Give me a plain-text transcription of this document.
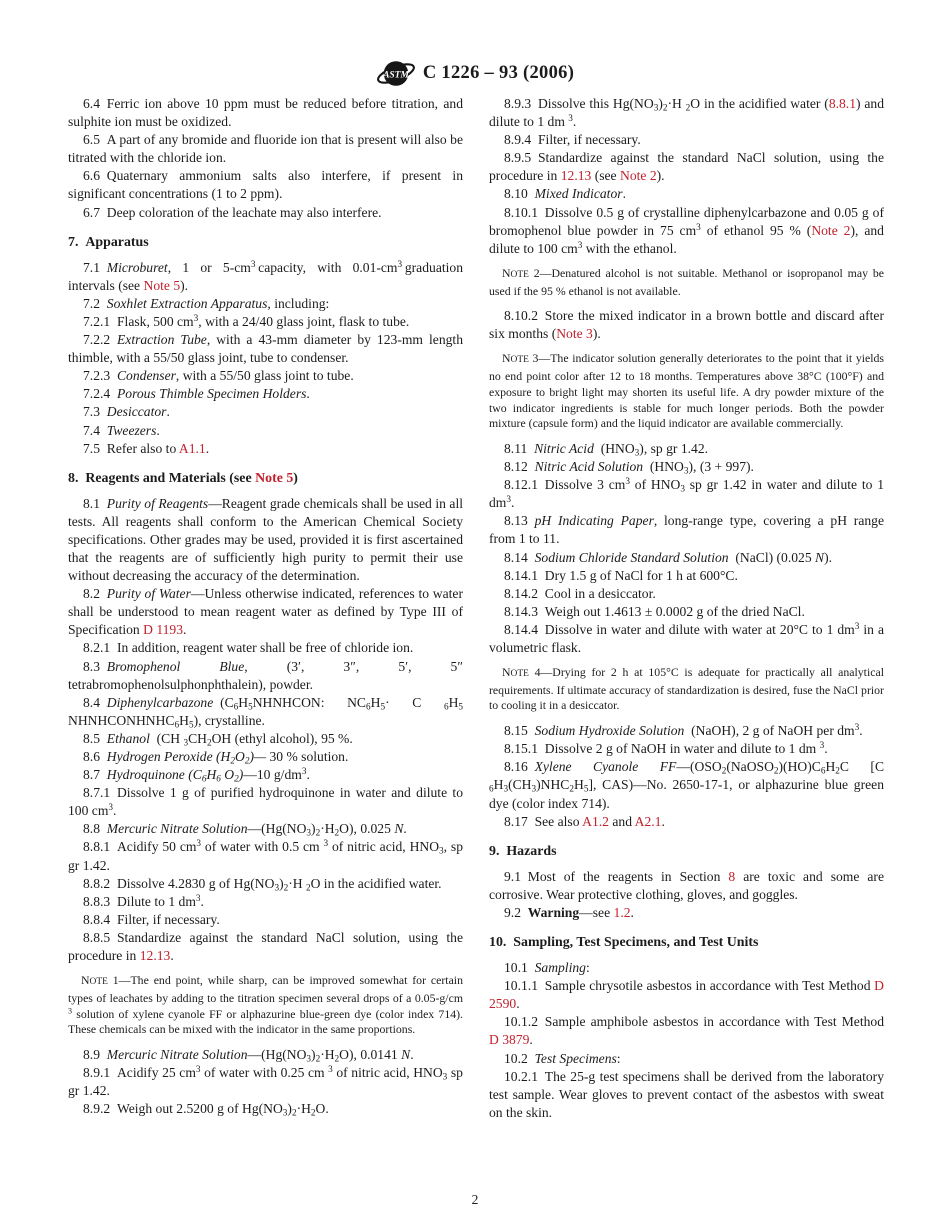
ASTM C 1226 – 93 (2006)

6.4 Ferric ion above 10 ppm must be reduced before titration, and sulphite ion must be oxidized.

6.5 A part of any bromide and fluoride ion that is present will also be titrated with the chloride ion.

6.6 Quaternary ammonium salts also interfere, if present in significant concentrations (1 to 2 ppm).

6.7 Deep coloration of the leachate may also interfere.

7. Apparatus

7.1 Microburet, 1 or $5-cm^3$ capacity, with $0.01-cm^3$ graduation intervals (see Note 5).

7.2 Soxhlet Extraction Apparatus, including:

7.2.1 Flask, 500 $cm^3$, with a 24/40 glass joint, flask to tube.

7.2.2 Extraction Tube, with a 43-mm diameter by 123-mm length thimble, with a 55/50 glass joint, tube to condenser.

7.2.3 Condenser, with a 55/50 glass joint to tube.

7.2.4 Porous Thimble Specimen Holders.

7.3 Desiccator.

7.4 Tweezers.

7.5 Refer also to A1.1.

8. Reagents and Materials (see Note 5)

8.1 Purity of Reagents—Reagent grade chemicals shall be used in all tests. All reagents shall conform to the American Chemical Society specifications. Other grades may be used, provided it is first ascertained that the reagents are of sufficiently high purity to permit their use without decreasing the accuracy of the determination.

8.2 Purity of Water—Unless otherwise indicated, references to water shall be understood to mean reagent water as defined by Type III of Specification D 1193.

8.2.1 In addition, reagent water shall be free of chloride ion.

8.3 Bromophenol Blue, (3′, 3″, 5′, 5″ tetrabromophenolsulphonphthalein), powder.

8.4 Diphenylcarbazone ($C_6H_5NHNHCON$: $NC_6H_5\cdot C$ $_6H_5$ $NHNHCONHNHC_6H_5$), crystalline.

8.5 Ethanol (CH $_3CH_2OH$ (ethyl alcohol), 95 %.

8.6 Hydrogen Peroxide $(H_2O_2)—$ 30 % solution.

8.7 Hydroquinone ($C_6H_6$ $O_2)—10$ $g/dm^3$.

8.7.1 Dissolve 1 g of purified hydroquinone in water and dilute to 100 $cm^3$.

8.8 Mercuric Nitrate $Solution—(Hg(NO_3)_2\cdot H_2O)$, 0.025 N.

8.8.1 Acidify 50 $cm^3$ of water with 0.5 cm $^3$ of nitric acid, $HNO_3$, sp gr 1.42.

8.8.2 Dissolve 4.2830 g of $Hg(NO_3)_2\cdot H$ $_2$O in the acidified water.

8.8.3 Dilute to 1 $dm^3$.

8.8.4 Filter, if necessary.

8.8.5 Standardize against the standard NaCl solution, using the procedure in 12.13.

NOTE 1—The end point, while sharp, can be improved somewhat for certain types of leachates by adding to the titration specimen several drops of a 0.05-g/cm $^3$ solution of xylene cyanole FF or alphazurine blue-green dye (color index 714). These chemicals can be mixed with the indicator in the same proportions.

8.9 Mercuric Nitrate $Solution—(Hg(NO_3)_2\cdot H_2O)$, 0.0141 N.

8.9.1 Acidify 25 $cm^3$ of water with 0.25 cm $^3$ of nitric acid, $HNO_3$ sp gr 1.42.

8.9.2 Weigh out 2.5200 g of $Hg(NO_3)_2\cdot H_2O$.

8.9.3 Dissolve this $Hg(NO_3)_2\cdot H$ $_2$O in the acidified water (8.8.1) and dilute to 1 dm $^3$.

8.9.4 Filter, if necessary.

8.9.5 Standardize against the standard NaCl solution, using the procedure in 12.13 (see Note 2).

8.10 Mixed Indicator.

8.10.1 Dissolve 0.5 g of crystalline diphenylcarbazone and 0.05 g of bromophenol blue powder in 75 $cm^3$ of ethanol 95 % (Note 2), and dilute to 100 $cm^3$ with the ethanol.

NOTE 2—Denatured alcohol is not suitable. Methanol or isopropanol may be used if the 95 % ethanol is not available.

8.10.2 Store the mixed indicator in a brown bottle and discard after six months (Note 3).

NOTE 3—The indicator solution generally deteriorates to the point that it yields no end point color after 12 to 18 months. Temperatures above 38°C (100°F) and exposure to bright light may shorten its useful life. A dry powder mixture of the two indicator ingredients is stable for much longer periods. Both the powder mixture (capsule form) and the liquid indicator are available commercially.

8.11 Nitric Acid $(HNO_3)$, sp gr 1.42.

8.12 Nitric Acid Solution $(HNO_3)$, (3 + 997).

8.12.1 Dissolve 3 $cm^3$ of $HNO_3$ sp gr 1.42 in water and dilute to 1 $dm^3$.

8.13 pH Indicating Paper, long-range type, covering a pH range from 1 to 11.

8.14 Sodium Chloride Standard Solution (NaCl) (0.025 N).

8.14.1 Dry 1.5 g of NaCl for 1 h at 600°C.

8.14.2 Cool in a desiccator.

8.14.3 Weigh out 1.4613 ± 0.0002 g of the dried NaCl.

8.14.4 Dissolve in water and dilute with water at 20°C to 1 $dm^3$ in a volumetric flask.

NOTE 4—Drying for 2 h at 105°C is adequate for practically all analytical requirements. If ultimate accuracy of standardization is desired, fuse the NaCl prior to cooling it in a desiccator.

8.15 Sodium Hydroxide Solution (NaOH), 2 g of NaOH per $dm^3$.

8.15.1 Dissolve 2 g of NaOH in water and dilute to 1 dm $^3$.

8.16 Xylene Cyanole $FF—(OSO_2(NaOSO_2)(HO)C_6H_2C$ [C $_6H_3(CH_3)NHC_2H_5$], CAS)—No. 2650-17-1, or alphazurine blue green dye (color index 714).

8.17 See also A1.2 and A2.1.

9. Hazards

9.1 Most of the reagents in Section 8 are toxic and some are corrosive. Wear protective clothing, gloves, and goggles.

9.2 Warning—see 1.2.

10. Sampling, Test Specimens, and Test Units

10.1 Sampling:

10.1.1 Sample chrysotile asbestos in accordance with Test Method D 2590.

10.1.2 Sample amphibole asbestos in accordance with Test Method D 3879.

10.2 Test Specimens:

10.2.1 The 25-g test specimens shall be derived from the laboratory test sample. Wear gloves to prevent contact of the asbestos with sweat on the skin.

2
